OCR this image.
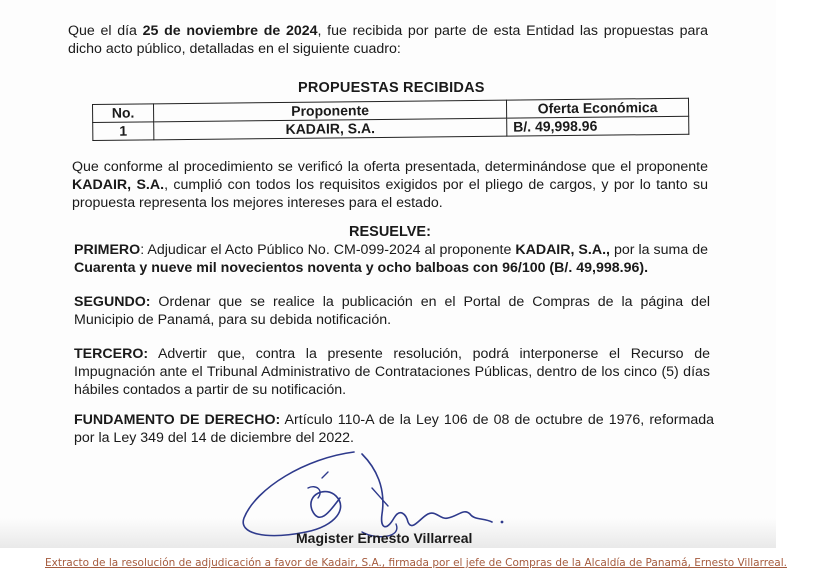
Que el día 25 de noviembre de 2024, fue recibida por parte de esta Entidad las propuestas para dicho acto público, detalladas en el siguiente cuadro:
PROPUESTAS RECIBIDAS
No.	Proponente	Oferta Económica
1	KADAIR, S.A.	B/. 49,998.96
Que conforme al procedimiento se verificó la oferta presentada, determinándose que el proponente KADAIR, S.A., cumplió con todos los requisitos exigidos por el pliego de cargos, y por lo tanto su propuesta representa los mejores intereses para el estado.
RESUELVE:
PRIMERO: Adjudicar el Acto Público No. CM-099-2024 al proponente KADAIR, S.A., por la suma de Cuarenta y nueve mil novecientos noventa y ocho balboas con 96/100 (B/. 49,998.96).
SEGUNDO: Ordenar que se realice la publicación en el Portal de Compras de la página del Municipio de Panamá, para su debida notificación.
TERCERO: Advertir que, contra la presente resolución, podrá interponerse el Recurso de Impugnación ante el Tribunal Administrativo de Contrataciones Públicas, dentro de los cinco (5) días hábiles contados a partir de su notificación.
FUNDAMENTO DE DERECHO: Artículo 110-A de la Ley 106 de 08 de octubre de 1976, reformada por la Ley 349 del 14 de diciembre del 2022.
Magister Ernesto Villarreal
Extracto de la resolución de adjudicación a favor de Kadair, S.A., firmada por el jefe de Compras de la Alcaldía de Panamá, Ernesto Villarreal.
